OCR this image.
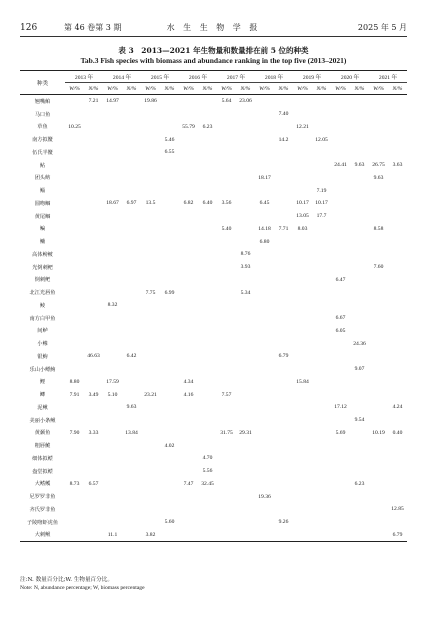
126	第 46 卷第 3 期	水 生 生 物 学 报	2025 年 5 月
表 3　2013—2021 年生物量和数量排在前 5 位的种类
Tab.3 Fish species with biomass and abundance ranking in the top five (2013–2021)
种类	2013 年		2014 年		2015 年		2016 年		2017 年		2018 年		2019 年		2020 年		2021 年	
	W/%	N/%	W/%	N/%	W/%	N/%	W/%	N/%	W/%	N/%	W/%	N/%	W/%	N/%	W/%	N/%	W/%	N/%
翘嘴鲌		7.21	14.97		19.86				5.64	23.06								
马口鱼												7.40						
草鱼	10.25						55.79	6.23					12.21					
南方拟鳘						5.46						14.2		12.05				
伍氏半鳘						6.55												
鲇															24.41	9.63	26.75	3.63
团头鲂											18.17						9.63	
鲻														7.19				
圆吻鲴			18.67	6.97	13.5		6.82	6.40	3.56		6.45		10.17	10.17				
黄尾鲴													13.05	17.7				
鳊									5.40		14.18	7.71	8.03				8.58	
鳙											6.80							
高体鳑鲏										8.76								
光倒刺鲃										3.93							7.60	
倒刺鲃															6.47			
北江光唇鱼					7.75	6.99				5.34								
鲮			8.32															
南方白甲鱼															6.67			
间鲈															6.05			
小鳈																24.36		
银鮈		46.63		6.42								6.79						
乐山小鳔鮈																9.07		
鲤	8.80		17.59				4.34						15.84					
鲫	7.91	3.49	5.10		23.21		4.16		7.57									
泥鳅				9.63											17.12			4.24
美丽小条鳅																9.54		
黄颡鱼	7.90	3.33		13.84					31.75	29.31					5.69		10.19	0.40
粗唇鮠						4.02												
细体拟鲿								4.70										
盎堂拟鲿								5.56										
大鳍鳠	8.73	6.57					7.47	32.45								6.23		
尼罗罗非鱼											19.36							
齐氏罗非鱼																		12.85
子陵吻虾虎鱼						5.60						9.26						
大刺鳅			11.1		3.82													6.79
注:N. 数量百分比;W. 生物量百分比。
Note: N, abundance percentage; W, biomass percentage
